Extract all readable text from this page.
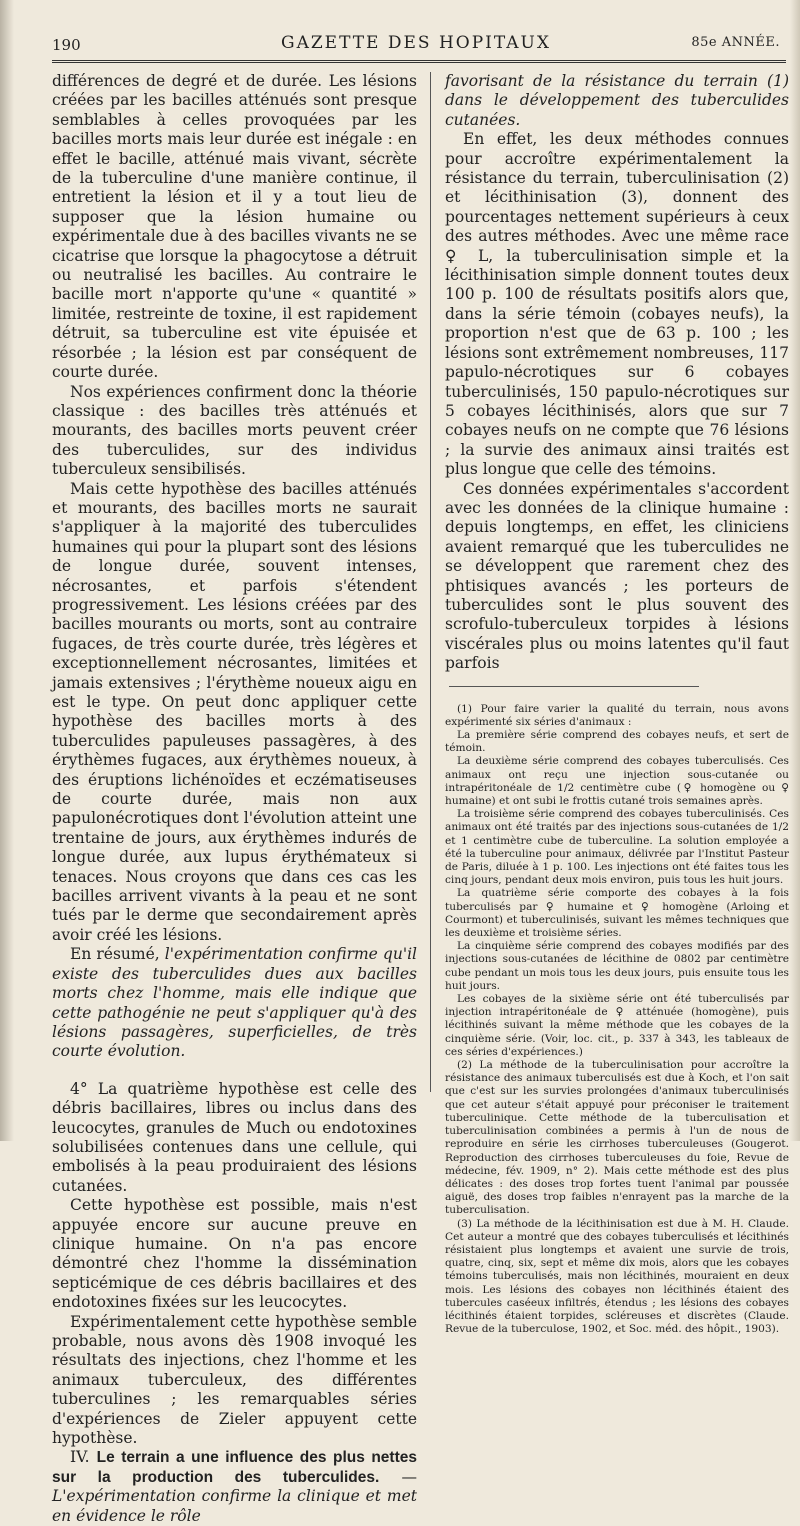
190	GAZETTE DES HOPITAUX	85e ANNÉE.

différences de degré et de durée. Les lésions créées par les bacilles atténués sont presque semblables à celles provoquées par les bacilles morts mais leur durée est inégale : en effet le bacille, atténué mais vivant, sécrète de la tuberculine d'une manière continue, il entretient la lésion et il y a tout lieu de supposer que la lésion humaine ou expérimentale due à des bacilles vivants ne se cicatrise que lorsque la phagocytose a détruit ou neutralisé les bacilles. Au contraire le bacille mort n'apporte qu'une « quantité » limitée, restreinte de toxine, il est rapidement détruit, sa tuberculine est vite épuisée et résorbée ; la lésion est par conséquent de courte durée.

Nos expériences confirment donc la théorie classique : des bacilles très atténués et mourants, des bacilles morts peuvent créer des tuberculides, sur des individus tuberculeux sensibilisés.

Mais cette hypothèse des bacilles atténués et mourants, des bacilles morts ne saurait s'appliquer à la majorité des tuberculides humaines qui pour la plupart sont des lésions de longue durée, souvent intenses, nécrosantes, et parfois s'étendent progressivement. Les lésions créées par des bacilles mourants ou morts, sont au contraire fugaces, de très courte durée, très légères et exceptionnellement nécrosantes, limitées et jamais extensives ; l'érythème noueux aigu en est le type. On peut donc appliquer cette hypothèse des bacilles morts à des tuberculides papuleuses passagères, à des érythèmes fugaces, aux érythèmes noueux, à des éruptions lichénoïdes et eczématiseuses de courte durée, mais non aux papulonécrotiques dont l'évolution atteint une trentaine de jours, aux érythèmes indurés de longue durée, aux lupus érythémateux si tenaces. Nous croyons que dans ces cas les bacilles arrivent vivants à la peau et ne sont tués par le derme que secondairement après avoir créé les lésions.

En résumé, l'expérimentation confirme qu'il existe des tuberculides dues aux bacilles morts chez l'homme, mais elle indique que cette pathogénie ne peut s'appliquer qu'à des lésions passagères, superficielles, de très courte évolution.

4° La quatrième hypothèse est celle des débris bacillaires, libres ou inclus dans des leucocytes, granules de Much ou endotoxines solubilisées contenues dans une cellule, qui embolisés à la peau produiraient des lésions cutanées.

Cette hypothèse est possible, mais n'est appuyée encore sur aucune preuve en clinique humaine. On n'a pas encore démontré chez l'homme la dissémination septicémique de ces débris bacillaires et des endotoxines fixées sur les leucocytes.

Expérimentalement cette hypothèse semble probable, nous avons dès 1908 invoqué les résultats des injections, chez l'homme et les animaux tuberculeux, des différentes tuberculines ; les remarquables séries d'expériences de Zieler appuyent cette hypothèse.

IV. Le terrain a une influence des plus nettes sur la production des tuberculides. — L'expérimentation confirme la clinique et met en évidence le rôle

favorisant de la résistance du terrain (1) dans le développement des tuberculides cutanées.

En effet, les deux méthodes connues pour accroître expérimentalement la résistance du terrain, tuberculinisation (2) et lécithinisation (3), donnent des pourcentages nettement supérieurs à ceux des autres méthodes. Avec une même race ♀ L, la tuberculinisation simple et la lécithinisation simple donnent toutes deux 100 p. 100 de résultats positifs alors que, dans la série témoin (cobayes neufs), la proportion n'est que de 63 p. 100 ; les lésions sont extrêmement nombreuses, 117 papulo-nécrotiques sur 6 cobayes tuberculinisés, 150 papulo-nécrotiques sur 5 cobayes lécithinisés, alors que sur 7 cobayes neufs on ne compte que 76 lésions ; la survie des animaux ainsi traités est plus longue que celle des témoins.

Ces données expérimentales s'accordent avec les données de la clinique humaine : depuis longtemps, en effet, les cliniciens avaient remarqué que les tuberculides ne se développent que rarement chez des phtisiques avancés ; les porteurs de tuberculides sont le plus souvent des scrofulo-tuberculeux torpides à lésions viscérales plus ou moins latentes qu'il faut parfois

(1) Pour faire varier la qualité du terrain, nous avons expérimenté six séries d'animaux :

La première série comprend des cobayes neufs, et sert de témoin.

La deuxième série comprend des cobayes tuberculisés. Ces animaux ont reçu une injection sous-cutanée ou intrapéritonéale de 1/2 centimètre cube (♀ homogène ou ♀ humaine) et ont subi le frottis cutané trois semaines après.

La troisième série comprend des cobayes tuberculinisés. Ces animaux ont été traités par des injections sous-cutanées de 1/2 et 1 centimètre cube de tuberculine. La solution employée a été la tuberculine pour animaux, délivrée par l'Institut Pasteur de Paris, diluée à 1 p. 100. Les injections ont été faites tous les cinq jours, pendant deux mois environ, puis tous les huit jours.

La quatrième série comporte des cobayes à la fois tuberculisés par ♀ humaine et ♀ homogène (Arloing et Courmont) et tuberculinisés, suivant les mêmes techniques que les deuxième et troisième séries.

La cinquième série comprend des cobayes modifiés par des injections sous-cutanées de lécithine de 0802 par centimètre cube pendant un mois tous les deux jours, puis ensuite tous les huit jours.

Les cobayes de la sixième série ont été tuberculisés par injection intrapéritonéale de ♀ atténuée (homogène), puis lécithinés suivant la même méthode que les cobayes de la cinquième série. (Voir, loc. cit., p. 337 à 343, les tableaux de ces séries d'expériences.)

(2) La méthode de la tuberculinisation pour accroître la résistance des animaux tuberculisés est due à Koch, et l'on sait que c'est sur les survies prolongées d'animaux tuberculinisés que cet auteur s'était appuyé pour préconiser le traitement tuberculinique. Cette méthode de la tuberculisation et tuberculinisation combinées a permis à l'un de nous de reproduire en série les cirrhoses tuberculeuses (Gougerot. Reproduction des cirrhoses tuberculeuses du foie, Revue de médecine, fév. 1909, n° 2). Mais cette méthode est des plus délicates : des doses trop fortes tuent l'animal par poussée aiguë, des doses trop faibles n'enrayent pas la marche de la tuberculisation.

(3) La méthode de la lécithinisation est due à M. H. Claude. Cet auteur a montré que des cobayes tuberculisés et lécithinés résistaient plus longtemps et avaient une survie de trois, quatre, cinq, six, sept et même dix mois, alors que les cobayes témoins tuberculisés, mais non lécithinés, mouraient en deux mois. Les lésions des cobayes non lécithinés étaient des tubercules caséeux infiltrés, étendus ; les lésions des cobayes lécithinés étaient torpides, scléreuses et discrètes (Claude. Revue de la tuberculose, 1902, et Soc. méd. des hôpit., 1903).
